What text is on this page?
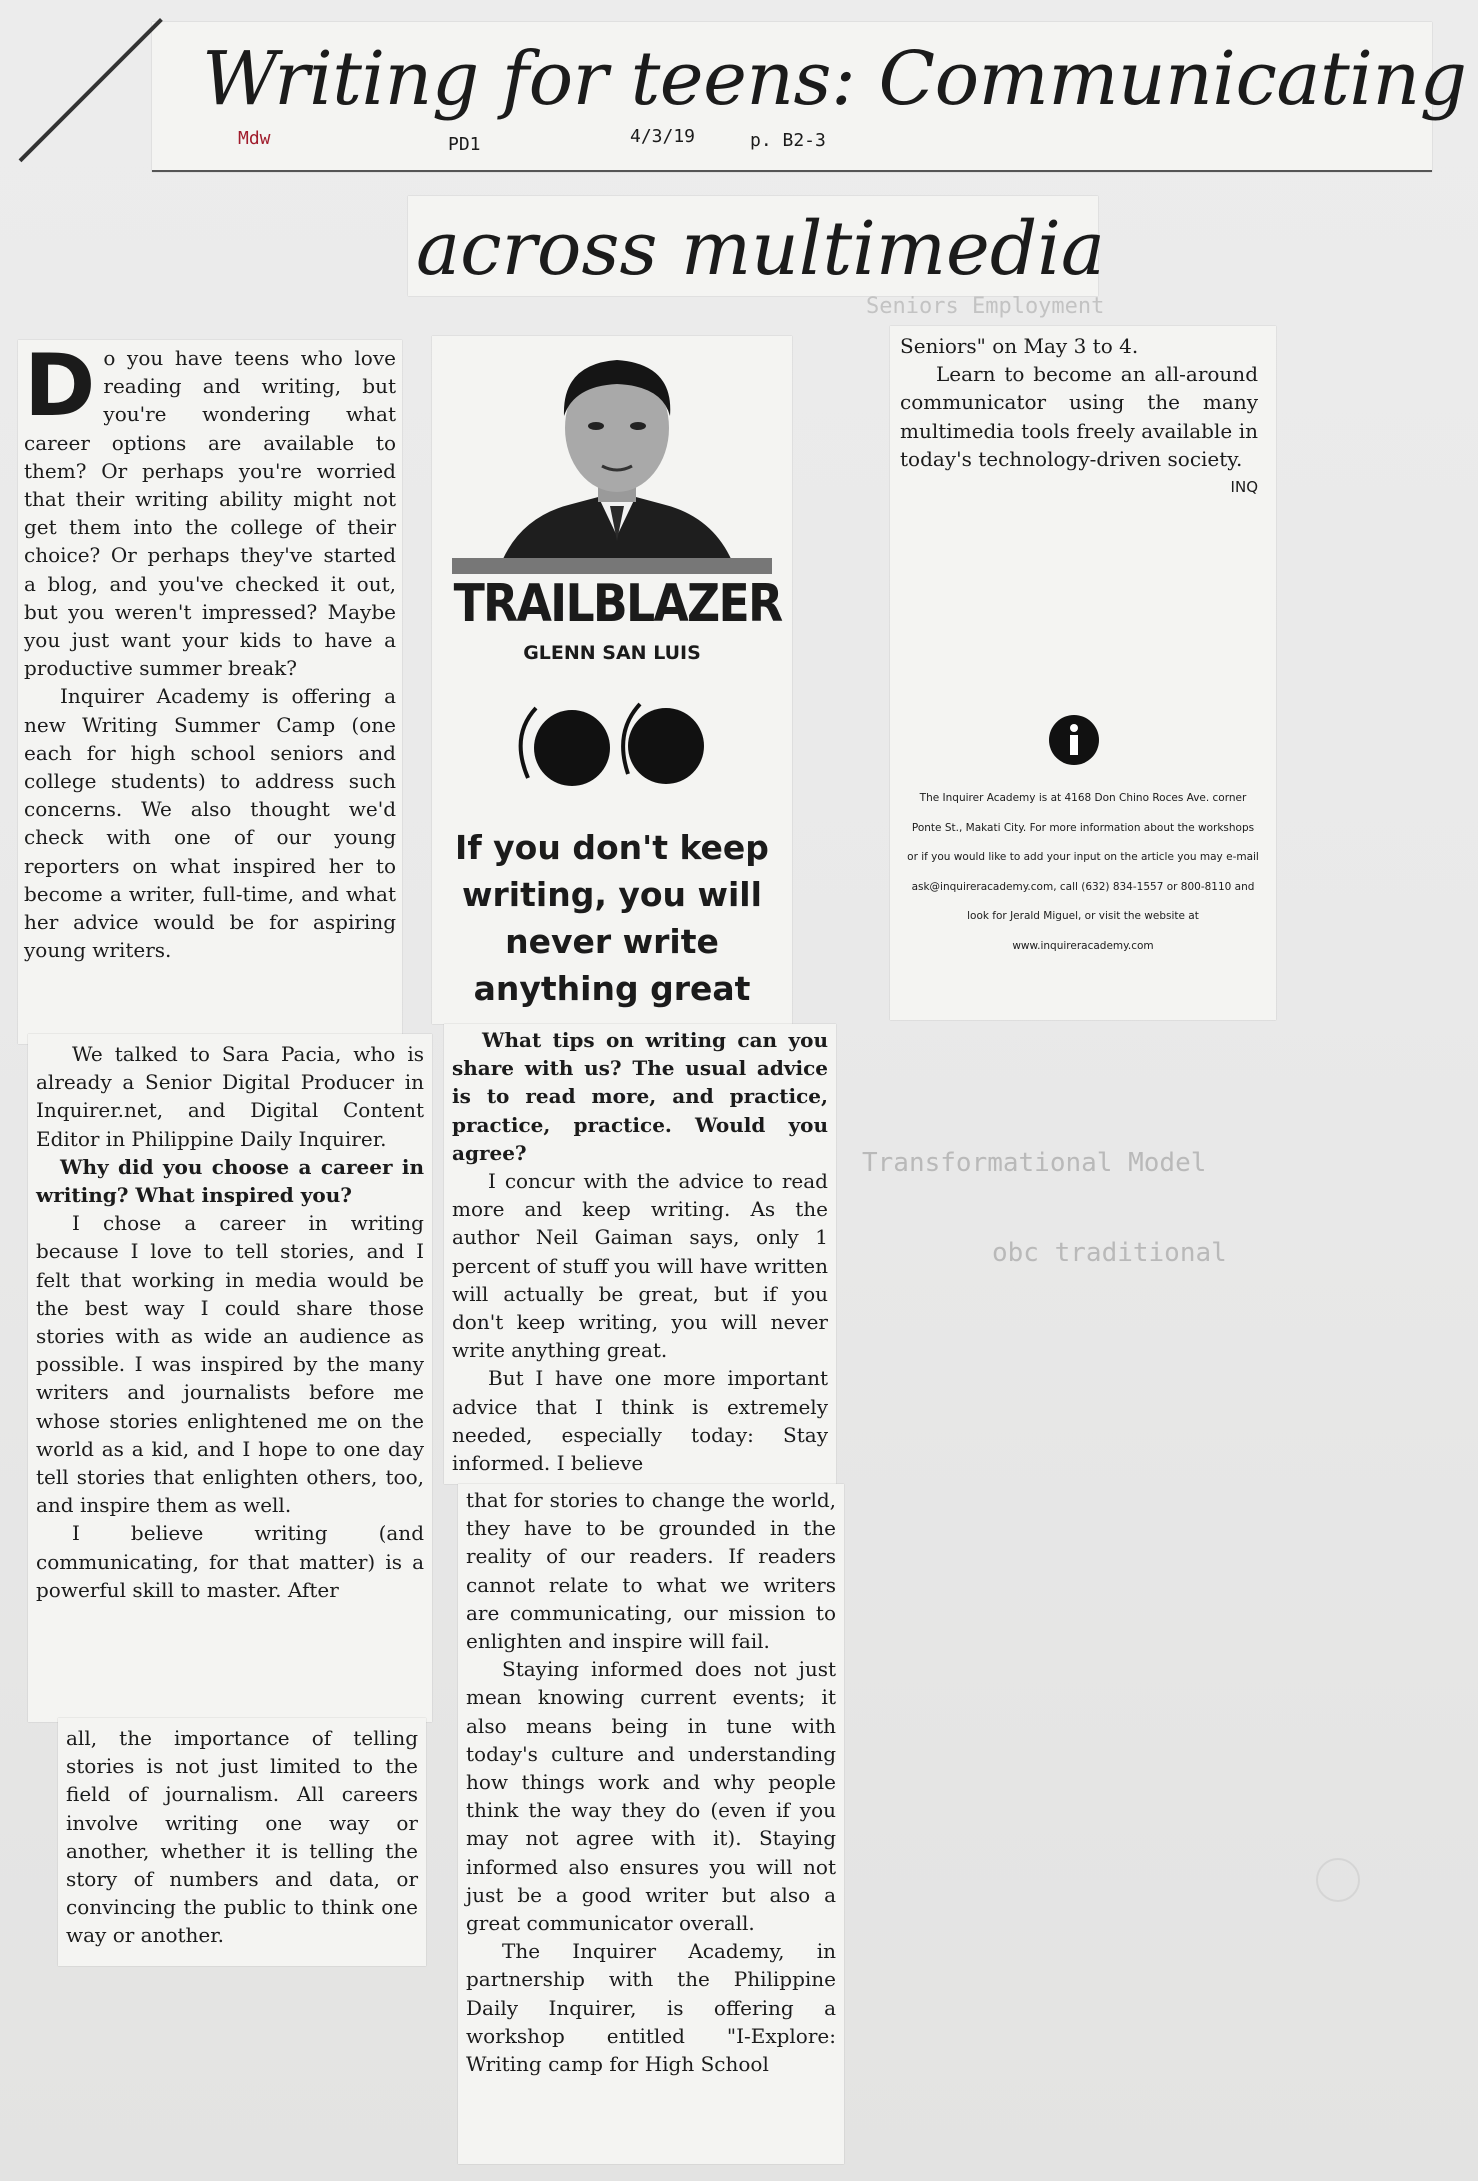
Writing for teens: Communicating
Mdw	PD1	4/3/19	p. B2-3
across multimedia
Seniors Employment
D o you have teens who love reading and writing, but you're wondering what career options are available to them? Or perhaps you're worried that their writing ability might not get them into the college of their choice? Or perhaps they've started a blog, and you've checked it out, but you weren't impressed? Maybe you just want your kids to have a productive summer break?

Inquirer Academy is offering a new Writing Summer Camp (one each for high school seniors and college students) to address such concerns. We also thought we'd check with one of our young reporters on what inspired her to become a writer, full-time, and what her advice would be for aspiring young writers.

We talked to Sara Pacia, who is already a Senior Digital Producer in Inquirer.net, and Digital Content Editor in Philippine Daily Inquirer.

Why did you choose a career in writing? What inspired you?

I chose a career in writing because I love to tell stories, and I felt that working in media would be the best way I could share those stories with as wide an audience as possible. I was inspired by the many writers and journalists before me whose stories enlightened me on the world as a kid, and I hope to one day tell stories that enlighten others, too, and inspire them as well.

I believe writing (and communicating, for that matter) is a powerful skill to master. After

all, the importance of telling stories is not just limited to the field of journalism. All careers involve writing one way or another, whether it is telling the story of numbers and data, or convincing the public to think one way or another.

TRAILBLAZER
GLENN SAN LUIS
If you don't keep writing, you will never write anything great

What tips on writing can you share with us? The usual advice is to read more, and practice, practice, practice. Would you agree?

I concur with the advice to read more and keep writing. As the author Neil Gaiman says, only 1 percent of stuff you will have written will actually be great, but if you don't keep writing, you will never write anything great.

But I have one more important advice that I think is extremely needed, especially today: Stay informed. I believe

that for stories to change the world, they have to be grounded in the reality of our readers. If readers cannot relate to what we writers are communicating, our mission to enlighten and inspire will fail.

Staying informed does not just mean knowing current events; it also means being in tune with today's culture and understanding how things work and why people think the way they do (even if you may not agree with it). Staying informed also ensures you will not just be a good writer but also a great communicator overall.

The Inquirer Academy, in partnership with the Philippine Daily Inquirer, is offering a workshop entitled "I-Explore: Writing camp for High School

Seniors" on May 3 to 4.

Learn to become an all-around communicator using the many multimedia tools freely available in today's technology-driven society.

INQ

The Inquirer Academy is at 4168 Don Chino Roces Ave. corner Ponte St., Makati City. For more information about the workshops or if you would like to add your input on the article you may e-mail ask@inquireracademy.com, call (632) 834-1557 or 800-8110 and look for Jerald Miguel, or visit the website at www.inquireracademy.com
Transformational Model
obc traditional
